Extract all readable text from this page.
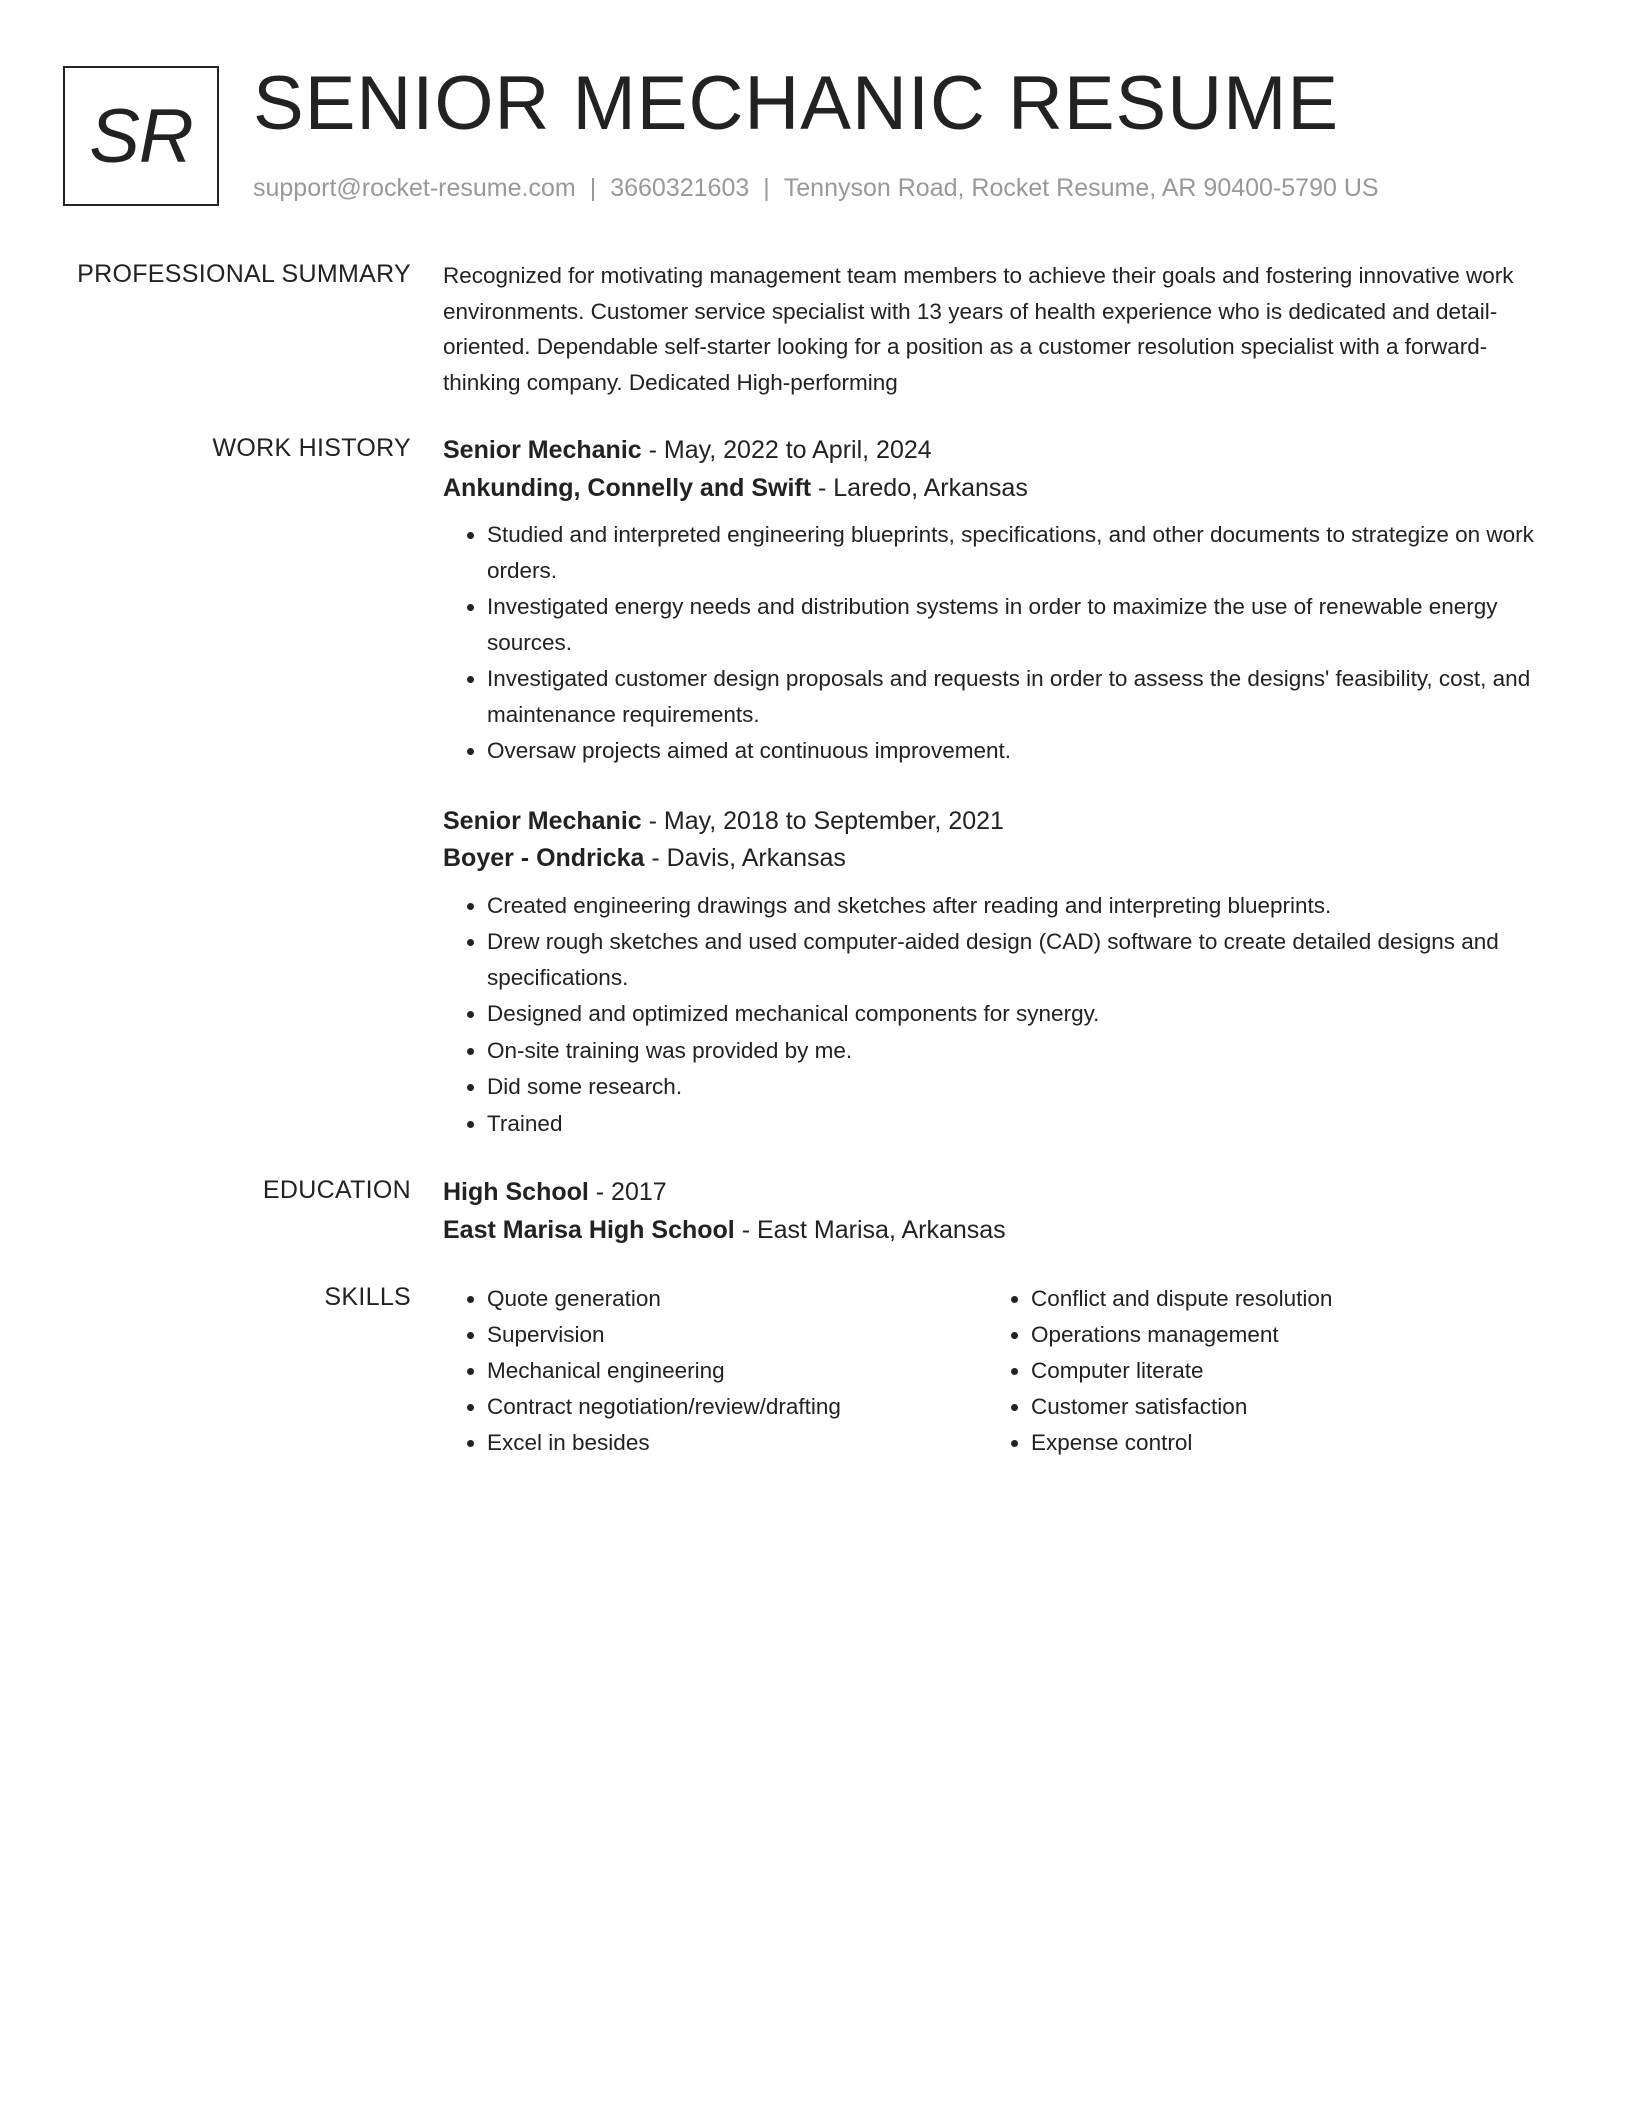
SR SENIOR MECHANIC RESUME
support@rocket-resume.com | 3660321603 | Tennyson Road, Rocket Resume, AR 90400-5790 US
PROFESSIONAL SUMMARY Recognized for motivating management team members to achieve their goals and fostering innovative work environments. Customer service specialist with 13 years of health experience who is dedicated and detail-oriented. Dependable self-starter looking for a position as a customer resolution specialist with a forward-thinking company. Dedicated High-performing

WORK HISTORY Senior Mechanic - May, 2022 to April, 2024
Ankunding, Connelly and Swift - Laredo, Arkansas
• Studied and interpreted engineering blueprints, specifications, and other documents to strategize on work orders.
• Investigated energy needs and distribution systems in order to maximize the use of renewable energy sources.
• Investigated customer design proposals and requests in order to assess the designs' feasibility, cost, and maintenance requirements.
• Oversaw projects aimed at continuous improvement.
Senior Mechanic - May, 2018 to September, 2021
Boyer - Ondricka - Davis, Arkansas
• Created engineering drawings and sketches after reading and interpreting blueprints.
• Drew rough sketches and used computer-aided design (CAD) software to create detailed designs and specifications.
• Designed and optimized mechanical components for synergy.
• On-site training was provided by me.
• Did some research.
• Trained
EDUCATION High School - 2017
East Marisa High School - East Marisa, Arkansas
SKILLS
•	Quote generation
• Supervision
• Mechanical engineering
• Contract negotiation/review/drafting
• Excel in besides
• Conflict and dispute resolution
• Operations management
• Computer literate
• Customer satisfaction
• Expense control
